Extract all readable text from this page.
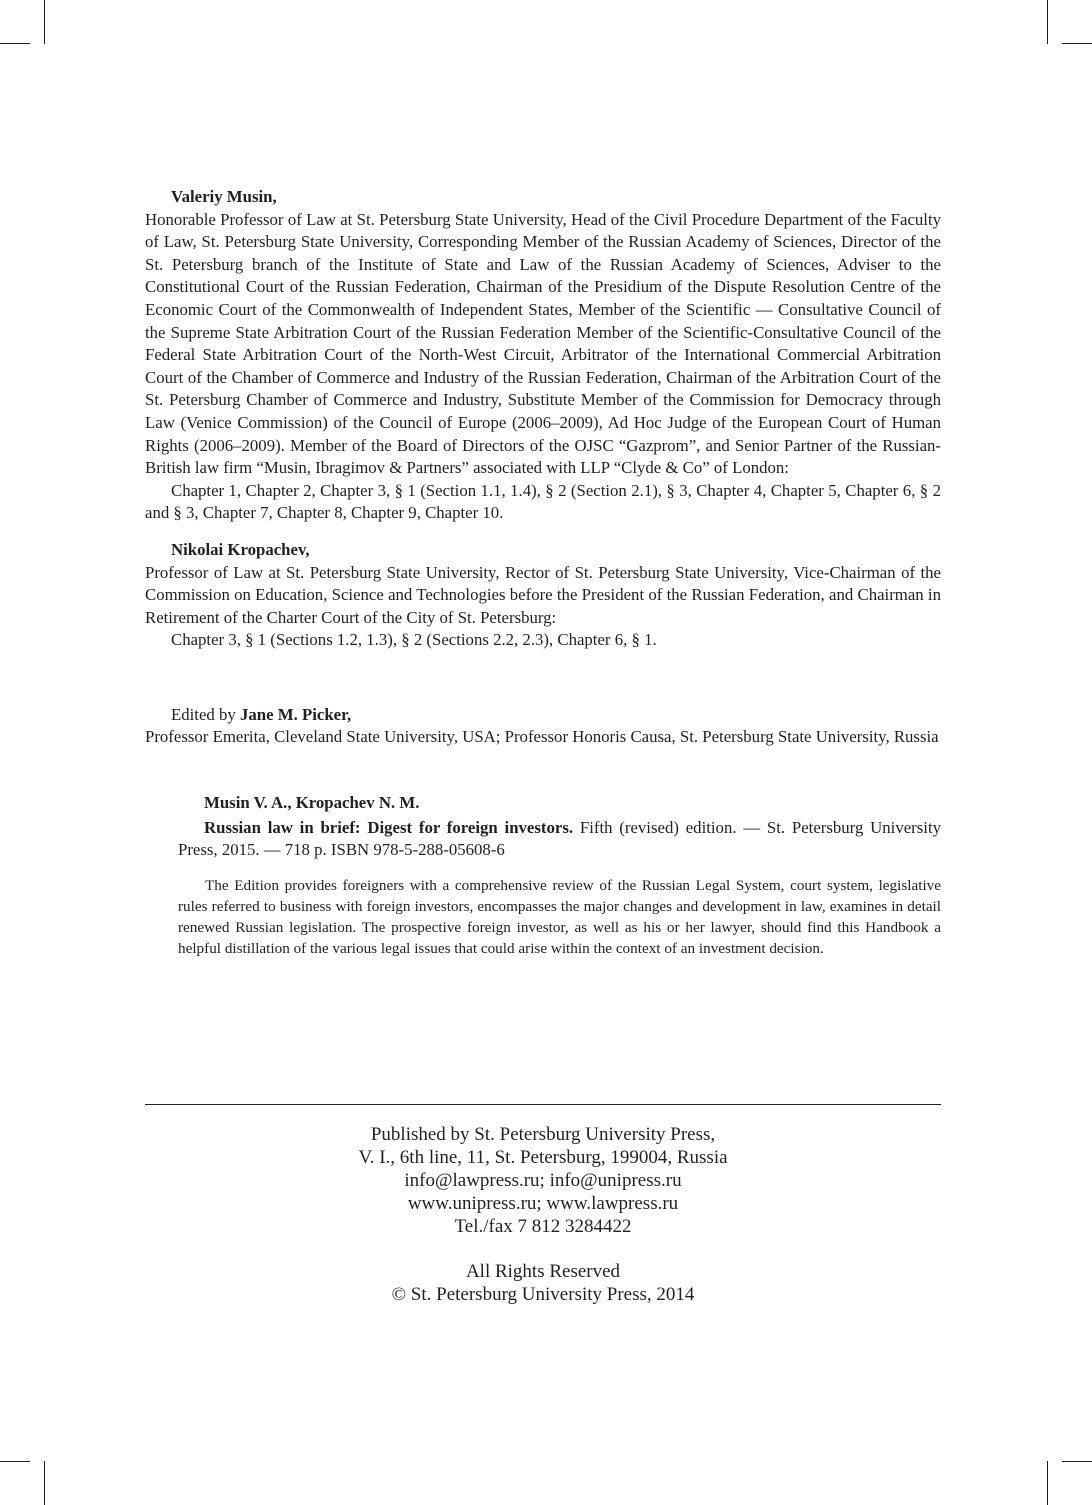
Valeriy Musin,

Honorable Professor of Law at St. Petersburg State University, Head of the Civil Procedure Department of the Faculty of Law, St. Petersburg State University, Corresponding Member of the Russian Academy of Sciences, Director of the St. Petersburg branch of the Institute of State and Law of the Russian Academy of Sciences, Adviser to the Constitutional Court of the Russian Federation, Chairman of the Presidium of the Dispute Resolution Centre of the Economic Court of the Commonwealth of Independent States, Member of the Scientific — Consultative Council of the Supreme State Arbitration Court of the Russian Federation Member of the Scientific-Consultative Council of the Federal State Arbitration Court of the North-West Circuit, Arbitrator of the International Commercial Arbitration Court of the Chamber of Commerce and Industry of the Russian Federation, Chairman of the Arbitration Court of the St. Petersburg Chamber of Commerce and Industry, Substitute Member of the Commission for Democracy through Law (Venice Commission) of the Council of Europe (2006–2009), Ad Hoc Judge of the European Court of Human Rights (2006–2009). Member of the Board of Directors of the OJSC “Gazprom”, and Senior Partner of the Russian-British law firm “Musin, Ibragimov & Partners” associated with LLP “Clyde & Co” of London:

Chapter 1, Chapter 2, Chapter 3, § 1 (Section 1.1, 1.4), § 2 (Section 2.1), § 3, Chapter 4, Chapter 5, Chapter 6, § 2 and § 3, Chapter 7, Chapter 8, Chapter 9, Chapter 10.

Nikolai Kropachev,

Professor of Law at St. Petersburg State University, Rector of St. Petersburg State University, Vice-Chairman of the Commission on Education, Science and Technologies before the President of the Russian Federation, and Chairman in Retirement of the Charter Court of the City of St. Petersburg:

Chapter 3, § 1 (Sections 1.2, 1.3), § 2 (Sections 2.2, 2.3), Chapter 6, § 1.

Edited by Jane M. Picker,

Professor Emerita, Cleveland State University, USA; Professor Honoris Causa, St. Petersburg State University, Russia

Musin V. A., Kropachev N. M.

Russian law in brief: Digest for foreign investors. Fifth (revised) edition. — St. Petersburg University Press, 2015. — 718 p. ISBN 978-5-288-05608-6

The Edition provides foreigners with a comprehensive review of the Russian Legal System, court system, legislative rules referred to business with foreign investors, encompasses the major changes and development in law, examines in detail renewed Russian legislation. The prospective foreign investor, as well as his or her lawyer, should find this Handbook a helpful distillation of the various legal issues that could arise within the context of an investment decision.

Published by St. Petersburg University Press,

V. I., 6th line, 11, St. Petersburg, 199004, Russia

info@lawpress.ru; info@unipress.ru

www.unipress.ru; www.lawpress.ru

Tel./fax 7 812 3284422

All Rights Reserved

© St. Petersburg University Press, 2014
